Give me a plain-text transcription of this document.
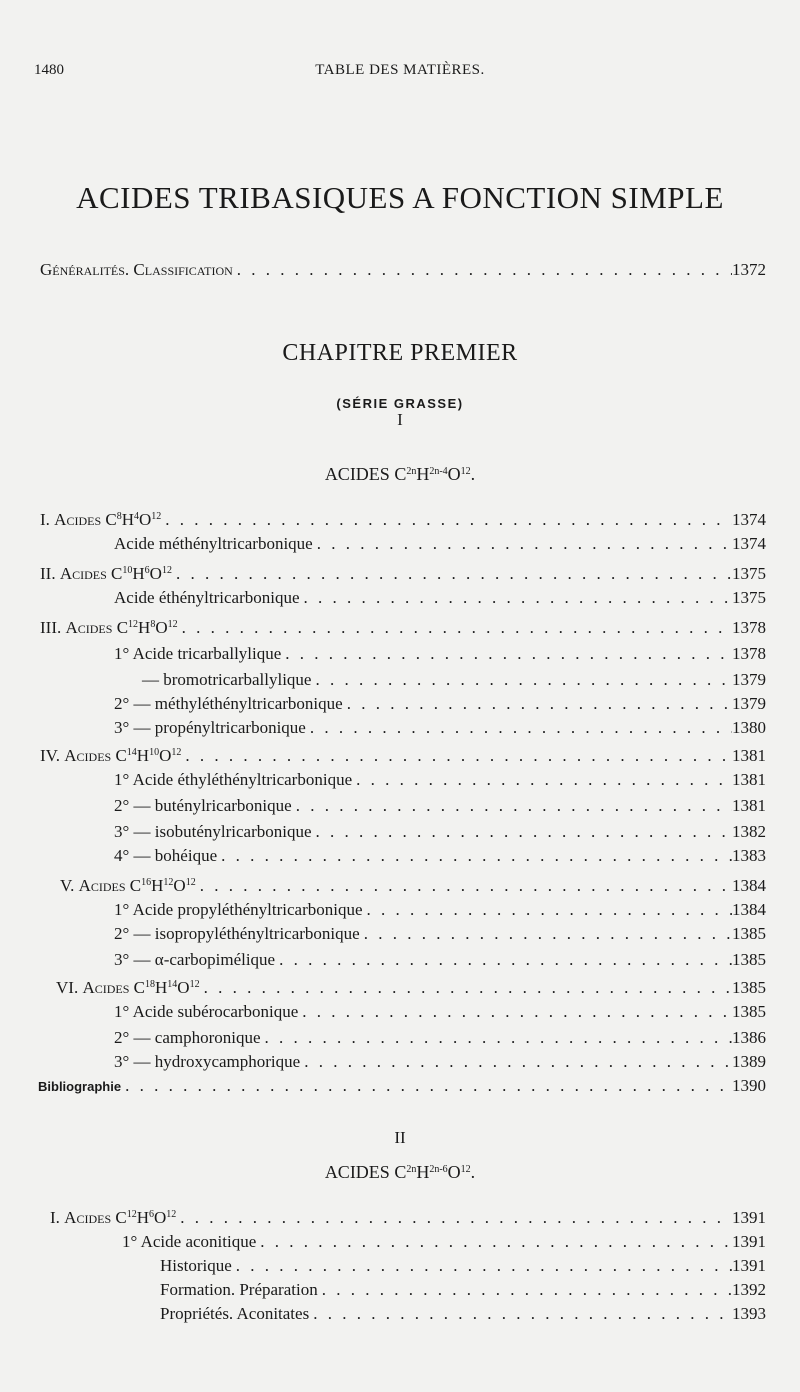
1480	TABLE DES MATIÈRES.
ACIDES TRIBASIQUES A FONCTION SIMPLE
Généralités. Classification . . .	1372
CHAPITRE PREMIER
(SÉRIE GRASSE)
I
ACIDES $C^{2n}H^{2n-4}O^{12}$.
I. Acides $C^8H^4O^{12}$ . . .	1374
Acide méthényltricarbonique . . .	1374
II. Acides $C^{10}H^6O^{12}$ . . .	1375
Acide éthényltricarbonique . . .	1375
III. Acides $C^{12}H^8O^{12}$ . . .	1378
1° Acide tricarballylique . . .	1378
— bromotricarballylique . . .	1379
2° — méthyléthényltricarbonique . . .	1379
3° — propényltricarbonique . . .	1380
IV. Acides $C^{14}H^{10}O^{12}$ . . .	1381
1° Acide éthyléthényltricarbonique . . .	1381
2° — buténylricarbonique . . .	1381
3° — isobuténylricarbonique . . .	1382
4° — bohéique . . .	1383
V. Acides $C^{16}H^{12}O^{12}$ . . .	1384
1° Acide propyléthényltricarbonique . . .	1384
2° — isopropyléthényltricarbonique . . .	1385
3° — α-carbopimélique . . .	1385
VI. Acides $C^{18}H^{14}O^{12}$ . . .	1385
1° Acide subérocarbonique . . .	1385
2° — camphoronique . . .	1386
3° — hydroxycamphorique . . .	1389
Bibliographie . . .	1390
II
ACIDES $C^{2n}H^{2n-6}O^{12}$.
I. Acides $C^{12}H^6O^{12}$ . . .	1391
1° Acide aconitique . . .	1391
Historique . . .	1391
Formation. Préparation . . .	1392
Propriétés. Aconitates . . .	1393
